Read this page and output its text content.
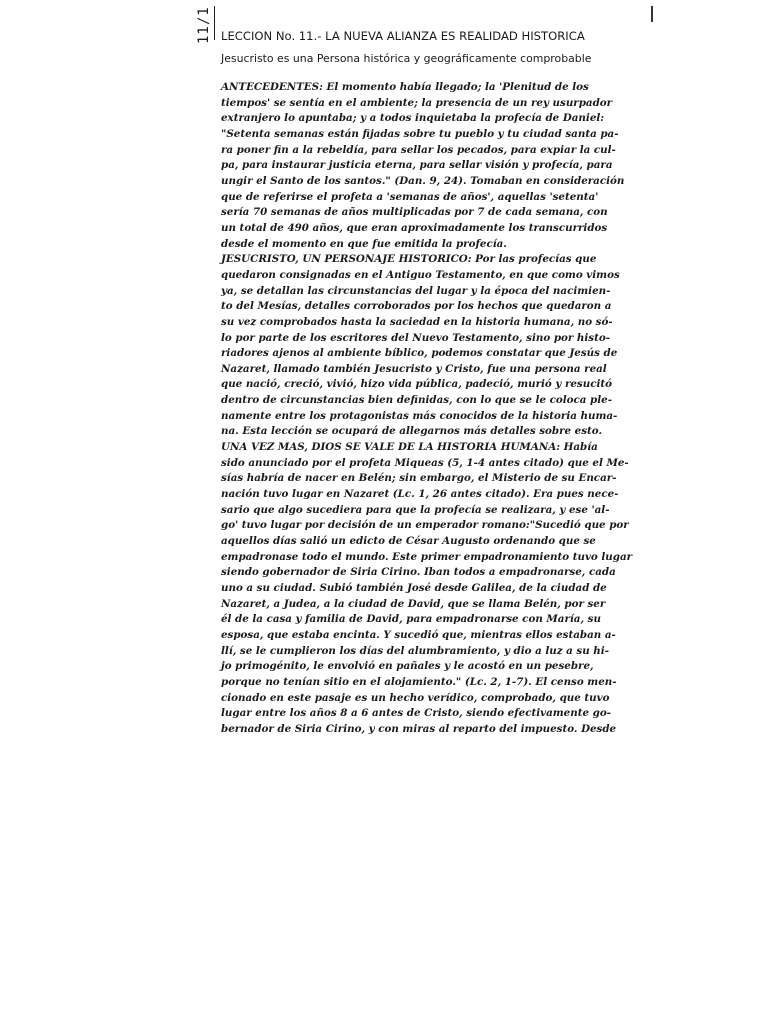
11/1 LECCION No. 11.- LA NUEVA ALIANZA ES REALIDAD HISTORICA
Jesucristo es una Persona histórica y geográficamente comprobable
ANTECEDENTES: El momento había llegado; la 'Plenitud de los
tiempos' se sentía en el ambiente; la presencia de un rey usurpador
extranjero lo apuntaba; y a todos inquietaba la profecía de Daniel:
"Setenta semanas están fijadas sobre tu pueblo y tu ciudad santa pa-
ra poner fin a la rebeldía, para sellar los pecados, para expiar la cul-
pa, para instaurar justicia eterna, para sellar visión y profecía, para
ungir el Santo de los santos." (Dan. 9, 24). Tomaban en consideración
que de referirse el profeta a 'semanas de años', aquellas 'setenta'
sería 70 semanas de años multiplicadas por 7 de cada semana, con
un total de 490 años, que eran aproximadamente los transcurridos
desde el momento en que fue emitida la profecía.
JESUCRISTO, UN PERSONAJE HISTORICO: Por las profecías que
quedaron consignadas en el Antiguo Testamento, en que como vimos
ya, se detallan las circunstancias del lugar y la época del nacimien-
to del Mesías, detalles corroborados por los hechos que quedaron a
su vez comprobados hasta la saciedad en la historia humana, no só-
lo por parte de los escritores del Nuevo Testamento, sino por histo-
riadores ajenos al ambiente bíblico, podemos constatar que Jesús de
Nazaret, llamado también Jesucristo y Cristo, fue una persona real
que nació, creció, vivió, hizo vida pública, padeció, murió y resucitó
dentro de circunstancias bien definidas, con lo que se le coloca ple-
namente entre los protagonistas más conocidos de la historia huma-
na. Esta lección se ocupará de allegarnos más detalles sobre esto.
UNA VEZ MAS, DIOS SE VALE DE LA HISTORIA HUMANA: Había
sido anunciado por el profeta Miqueas (5, 1-4 antes citado) que el Me-
sías habría de nacer en Belén; sin embargo, el Misterio de su Encar-
nación tuvo lugar en Nazaret (Lc. 1, 26 antes citado). Era pues nece-
sario que algo sucediera para que la profecía se realizara, y ese 'al-
go' tuvo lugar por decisión de un emperador romano:"Sucedió que por
aquellos días salió un edicto de César Augusto ordenando que se
empadronase todo el mundo. Este primer empadronamiento tuvo lugar
siendo gobernador de Siria Cirino. Iban todos a empadronarse, cada
uno a su ciudad. Subió también José desde Galilea, de la ciudad de
Nazaret, a Judea, a la ciudad de David, que se llama Belén, por ser
él de la casa y familia de David, para empadronarse con María, su
esposa, que estaba encinta. Y sucedió que, mientras ellos estaban a-
llí, se le cumplieron los días del alumbramiento, y dio a luz a su hi-
jo primogénito, le envolvió en pañales y le acostó en un pesebre,
porque no tenían sitio en el alojamiento." (Lc. 2, 1-7). El censo men-
cionado en este pasaje es un hecho verídico, comprobado, que tuvo
lugar entre los años 8 a 6 antes de Cristo, siendo efectivamente go-
bernador de Siria Cirino, y con miras al reparto del impuesto. Desde
